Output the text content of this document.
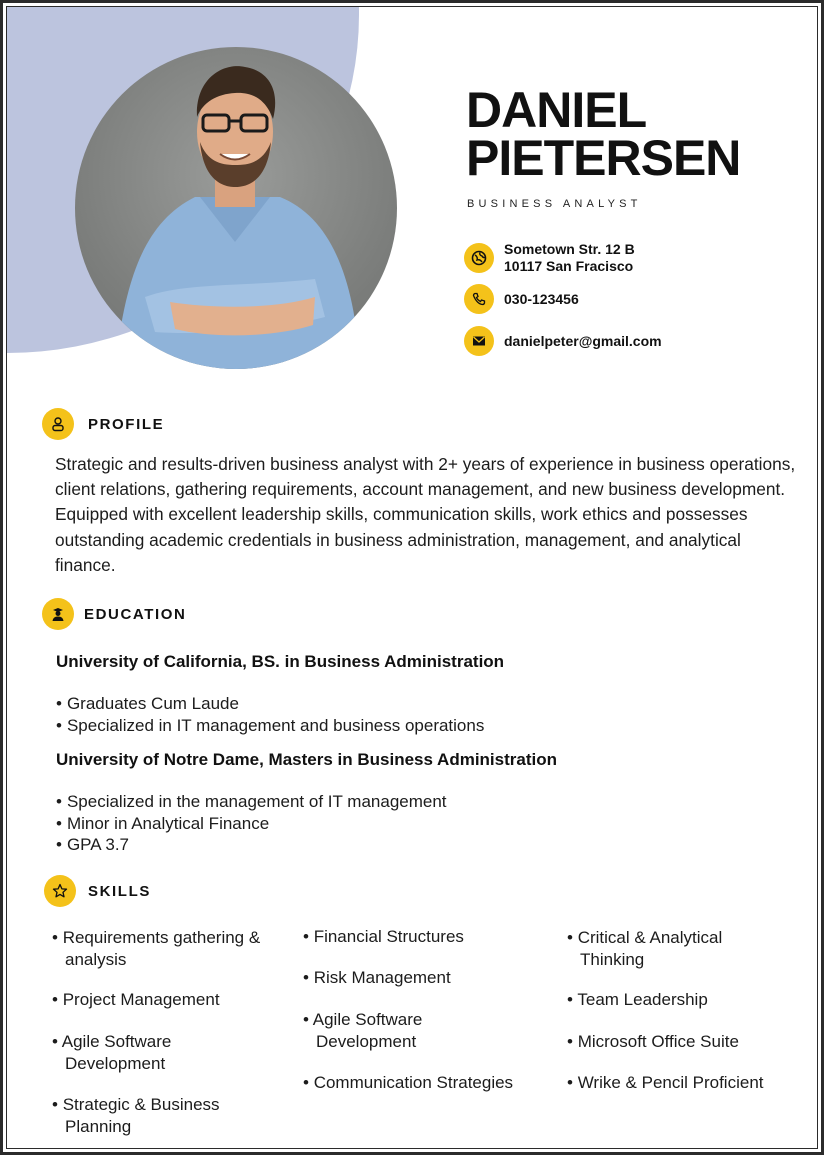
DANIEL
PIETERSEN
BUSINESS ANALYST
Sometown Str. 12 B
10117 San Fracisco
030-123456
danielpeter@gmail.com
PROFILE
Strategic and results-driven business analyst with 2+ years of experience in business operations, client relations, gathering requirements, account management, and new business development. Equipped with excellent leadership skills, communication skills, work ethics and possesses outstanding academic credentials in business administration, management, and analytical finance.
EDUCATION
University of California, BS. in Business Administration
• Graduates Cum Laude
• Specialized in IT management and business operations
University of Notre Dame, Masters in Business Administration
• Specialized in the management of IT management
• Minor in Analytical Finance
• GPA 3.7
SKILLS
• Requirements gathering & analysis
• Project Management
• Agile Software Development
• Strategic & Business Planning
• Financial Structures
• Risk Management
• Agile Software Development
• Communication Strategies
• Critical & Analytical Thinking
• Team Leadership
• Microsoft Office Suite
• Wrike & Pencil Proficient
